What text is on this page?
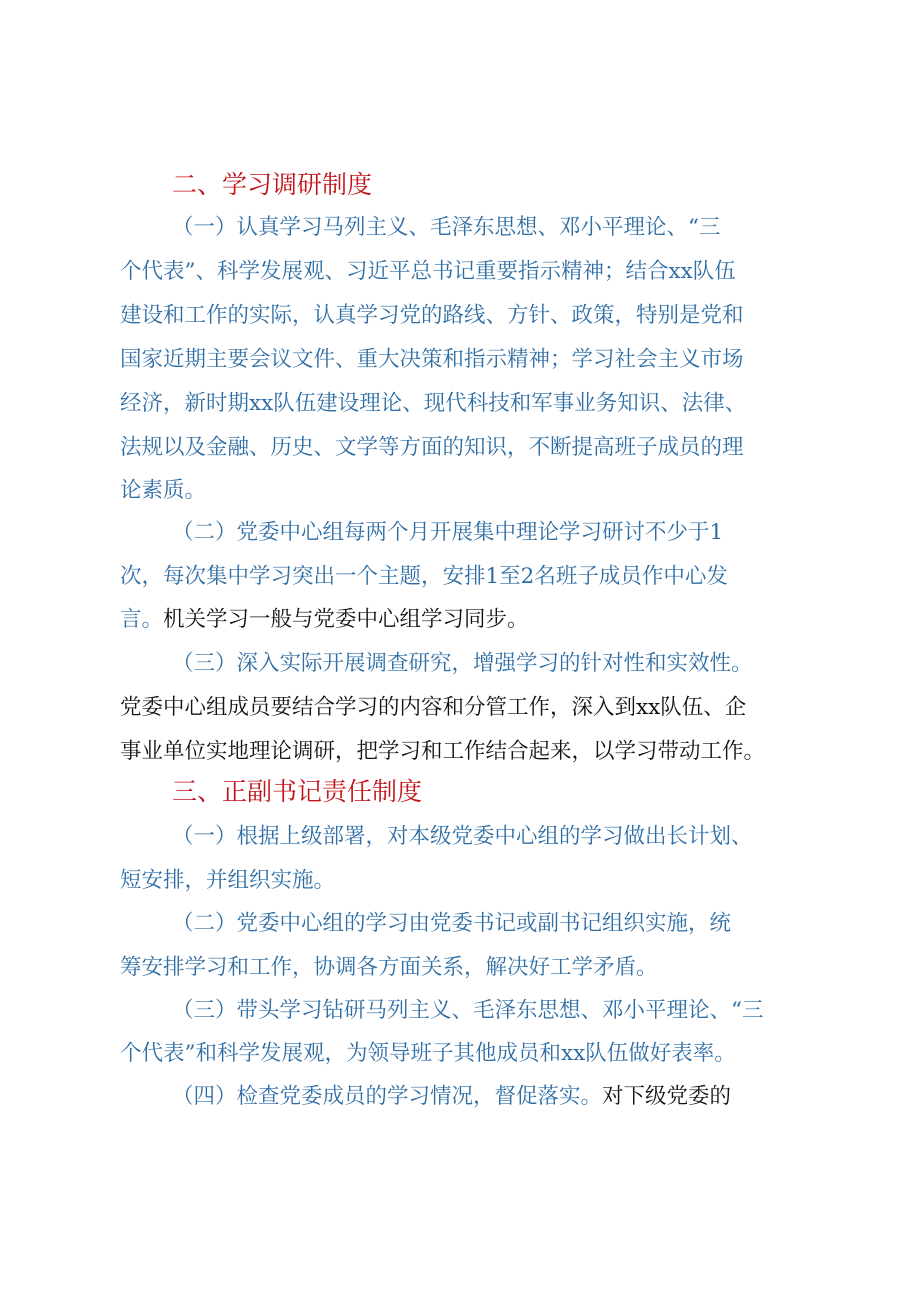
二、学习调研制度
（一）认真学习马列主义、毛泽东思想、邓小平理论、“三
个代表”、科学发展观、习近平总书记重要指示精神；结合xx队伍
建设和工作的实际，认真学习党的路线、方针、政策，特别是党和
国家近期主要会议文件、重大决策和指示精神；学习社会主义市场
经济，新时期xx队伍建设理论、现代科技和军事业务知识、法律、
法规以及金融、历史、文学等方面的知识，不断提高班子成员的理
论素质。
（二）党委中心组每两个月开展集中理论学习研讨不少于1
次，每次集中学习突出一个主题，安排1至2名班子成员作中心发
言。机关学习一般与党委中心组学习同步。
（三）深入实际开展调查研究，增强学习的针对性和实效性。
党委中心组成员要结合学习的内容和分管工作，深入到xx队伍、企
事业单位实地理论调研，把学习和工作结合起来，以学习带动工作。
三、正副书记责任制度
（一）根据上级部署，对本级党委中心组的学习做出长计划、
短安排，并组织实施。
（二）党委中心组的学习由党委书记或副书记组织实施，统
筹安排学习和工作，协调各方面关系，解决好工学矛盾。
（三）带头学习钻研马列主义、毛泽东思想、邓小平理论、“三
个代表”和科学发展观，为领导班子其他成员和xx队伍做好表率。
（四）检查党委成员的学习情况，督促落实。对下级党委的
